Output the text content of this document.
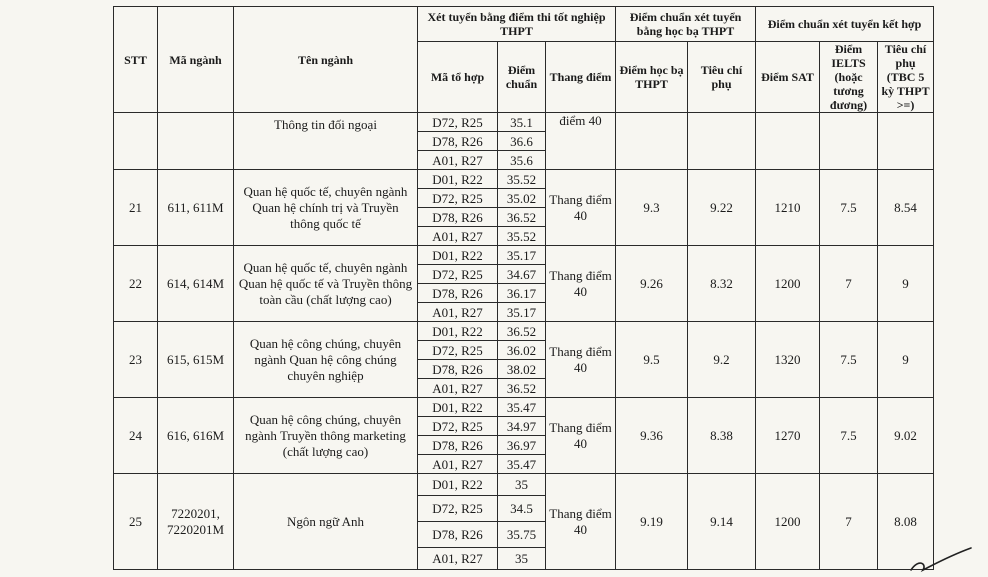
STT	Mã ngành	Tên ngành	Xét tuyển bằng điểm thi tốt nghiệp THPT			Điểm chuẩn xét tuyển bằng học bạ THPT		Điểm chuẩn xét tuyển kết hợp		
			Mã tổ hợp	Điểm chuẩn	Thang điểm	Điểm học bạ THPT	Tiêu chí phụ	Điểm SAT	Điểm IELTS (hoặc tương đương)	Tiêu chí phụ (TBC 5 kỳ THPT >=)
		Thông tin đối ngoại	D72, R25	35.1	điểm 40					
			D78, R26	36.6						
			A01, R27	35.6						
21	611, 611M	Quan hệ quốc tế, chuyên ngành Quan hệ chính trị và Truyền thông quốc tế	D01, R22	35.52	Thang điểm 40	9.3	9.22	1210	7.5	8.54
			D72, R25	35.02						
			D78, R26	36.52						
			A01, R27	35.52						
22	614, 614M	Quan hệ quốc tế, chuyên ngành Quan hệ quốc tế và Truyền thông toàn cầu (chất lượng cao)	D01, R22	35.17	Thang điểm 40	9.26	8.32	1200	7	9
			D72, R25	34.67						
			D78, R26	36.17						
			A01, R27	35.17						
23	615, 615M	Quan hệ công chúng, chuyên ngành Quan hệ công chúng chuyên nghiệp	D01, R22	36.52	Thang điểm 40	9.5	9.2	1320	7.5	9
			D72, R25	36.02						
			D78, R26	38.02						
			A01, R27	36.52						
24	616, 616M	Quan hệ công chúng, chuyên ngành Truyền thông marketing (chất lượng cao)	D01, R22	35.47	Thang điểm 40	9.36	8.38	1270	7.5	9.02
			D72, R25	34.97						
			D78, R26	36.97						
			A01, R27	35.47						
25	7220201, 7220201M	Ngôn ngữ Anh	D01, R22	35	Thang điểm 40	9.19	9.14	1200	7	8.08
			D72, R25	34.5						
			D78, R26	35.75						
			A01, R27	35						
